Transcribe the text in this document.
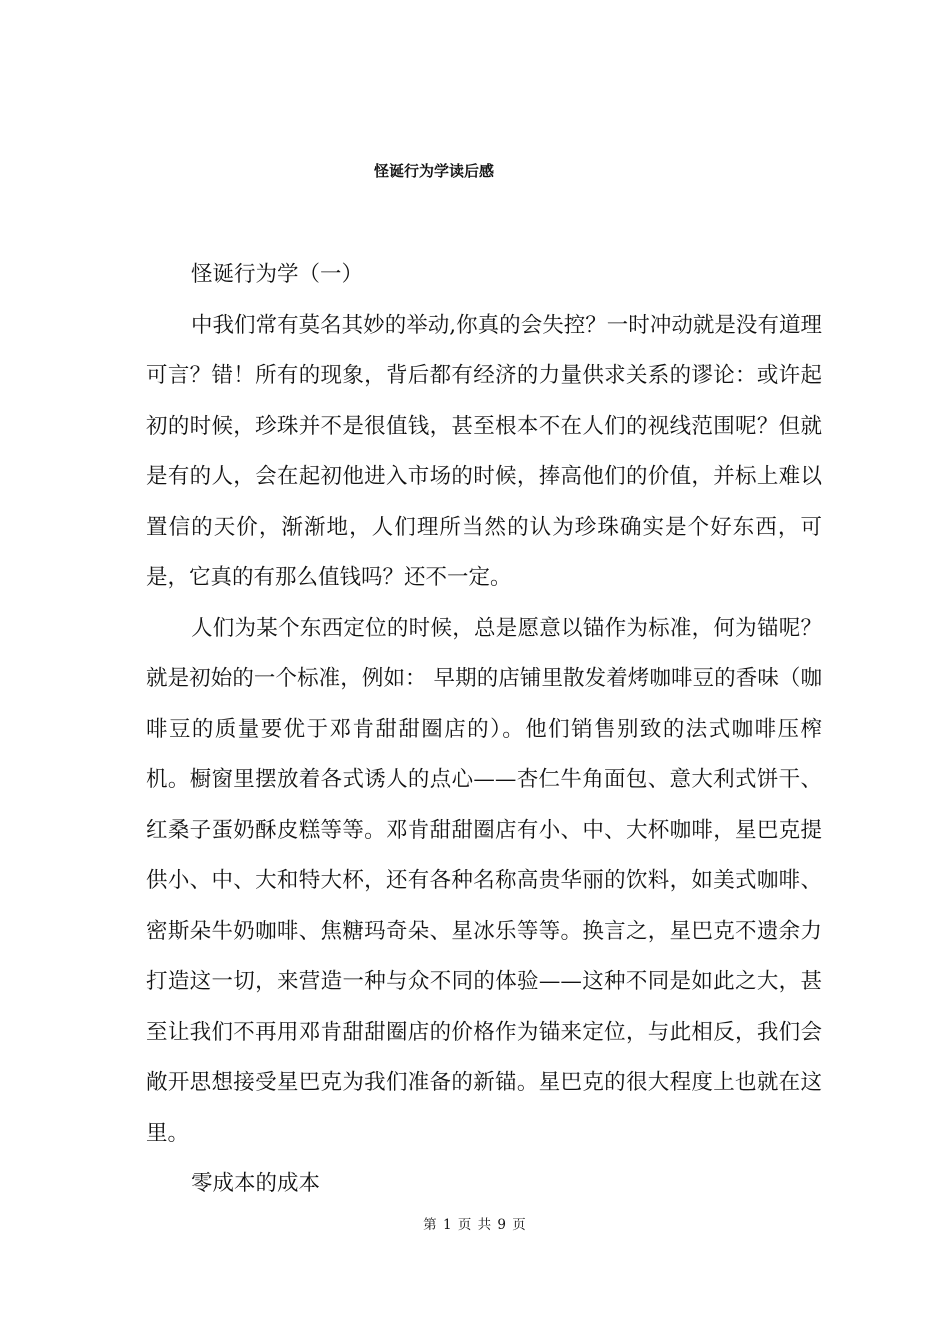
怪诞行为学读后感

怪诞行为学（一）

中我们常有莫名其妙的举动,你真的会失控？一时冲动就是没有道理可言？错！所有的现象，背后都有经济的力量供求关系的谬论：或许起初的时候，珍珠并不是很值钱，甚至根本不在人们的视线范围呢？但就是有的人，会在起初他进入市场的时候，捧高他们的价值，并标上难以置信的天价，渐渐地，人们理所当然的认为珍珠确实是个好东西，可是，它真的有那么值钱吗？还不一定。

人们为某个东西定位的时候，总是愿意以锚作为标准，何为锚呢？就是初始的一个标准，例如： 早期的店铺里散发着烤咖啡豆的香味（咖啡豆的质量要优于邓肯甜甜圈店的）。他们销售别致的法式咖啡压榨机。橱窗里摆放着各式诱人的点心——杏仁牛角面包、意大利式饼干、红桑子蛋奶酥皮糕等等。邓肯甜甜圈店有小、中、大杯咖啡，星巴克提供小、中、大和特大杯，还有各种名称高贵华丽的饮料，如美式咖啡、密斯朵牛奶咖啡、焦糖玛奇朵、星冰乐等等。换言之，星巴克不遗余力打造这一切，来营造一种与众不同的体验——这种不同是如此之大，甚至让我们不再用邓肯甜甜圈店的价格作为锚来定位，与此相反，我们会敞开思想接受星巴克为我们准备的新锚。星巴克的很大程度上也就在这里。

零成本的成本

第 1 页 共 9 页
